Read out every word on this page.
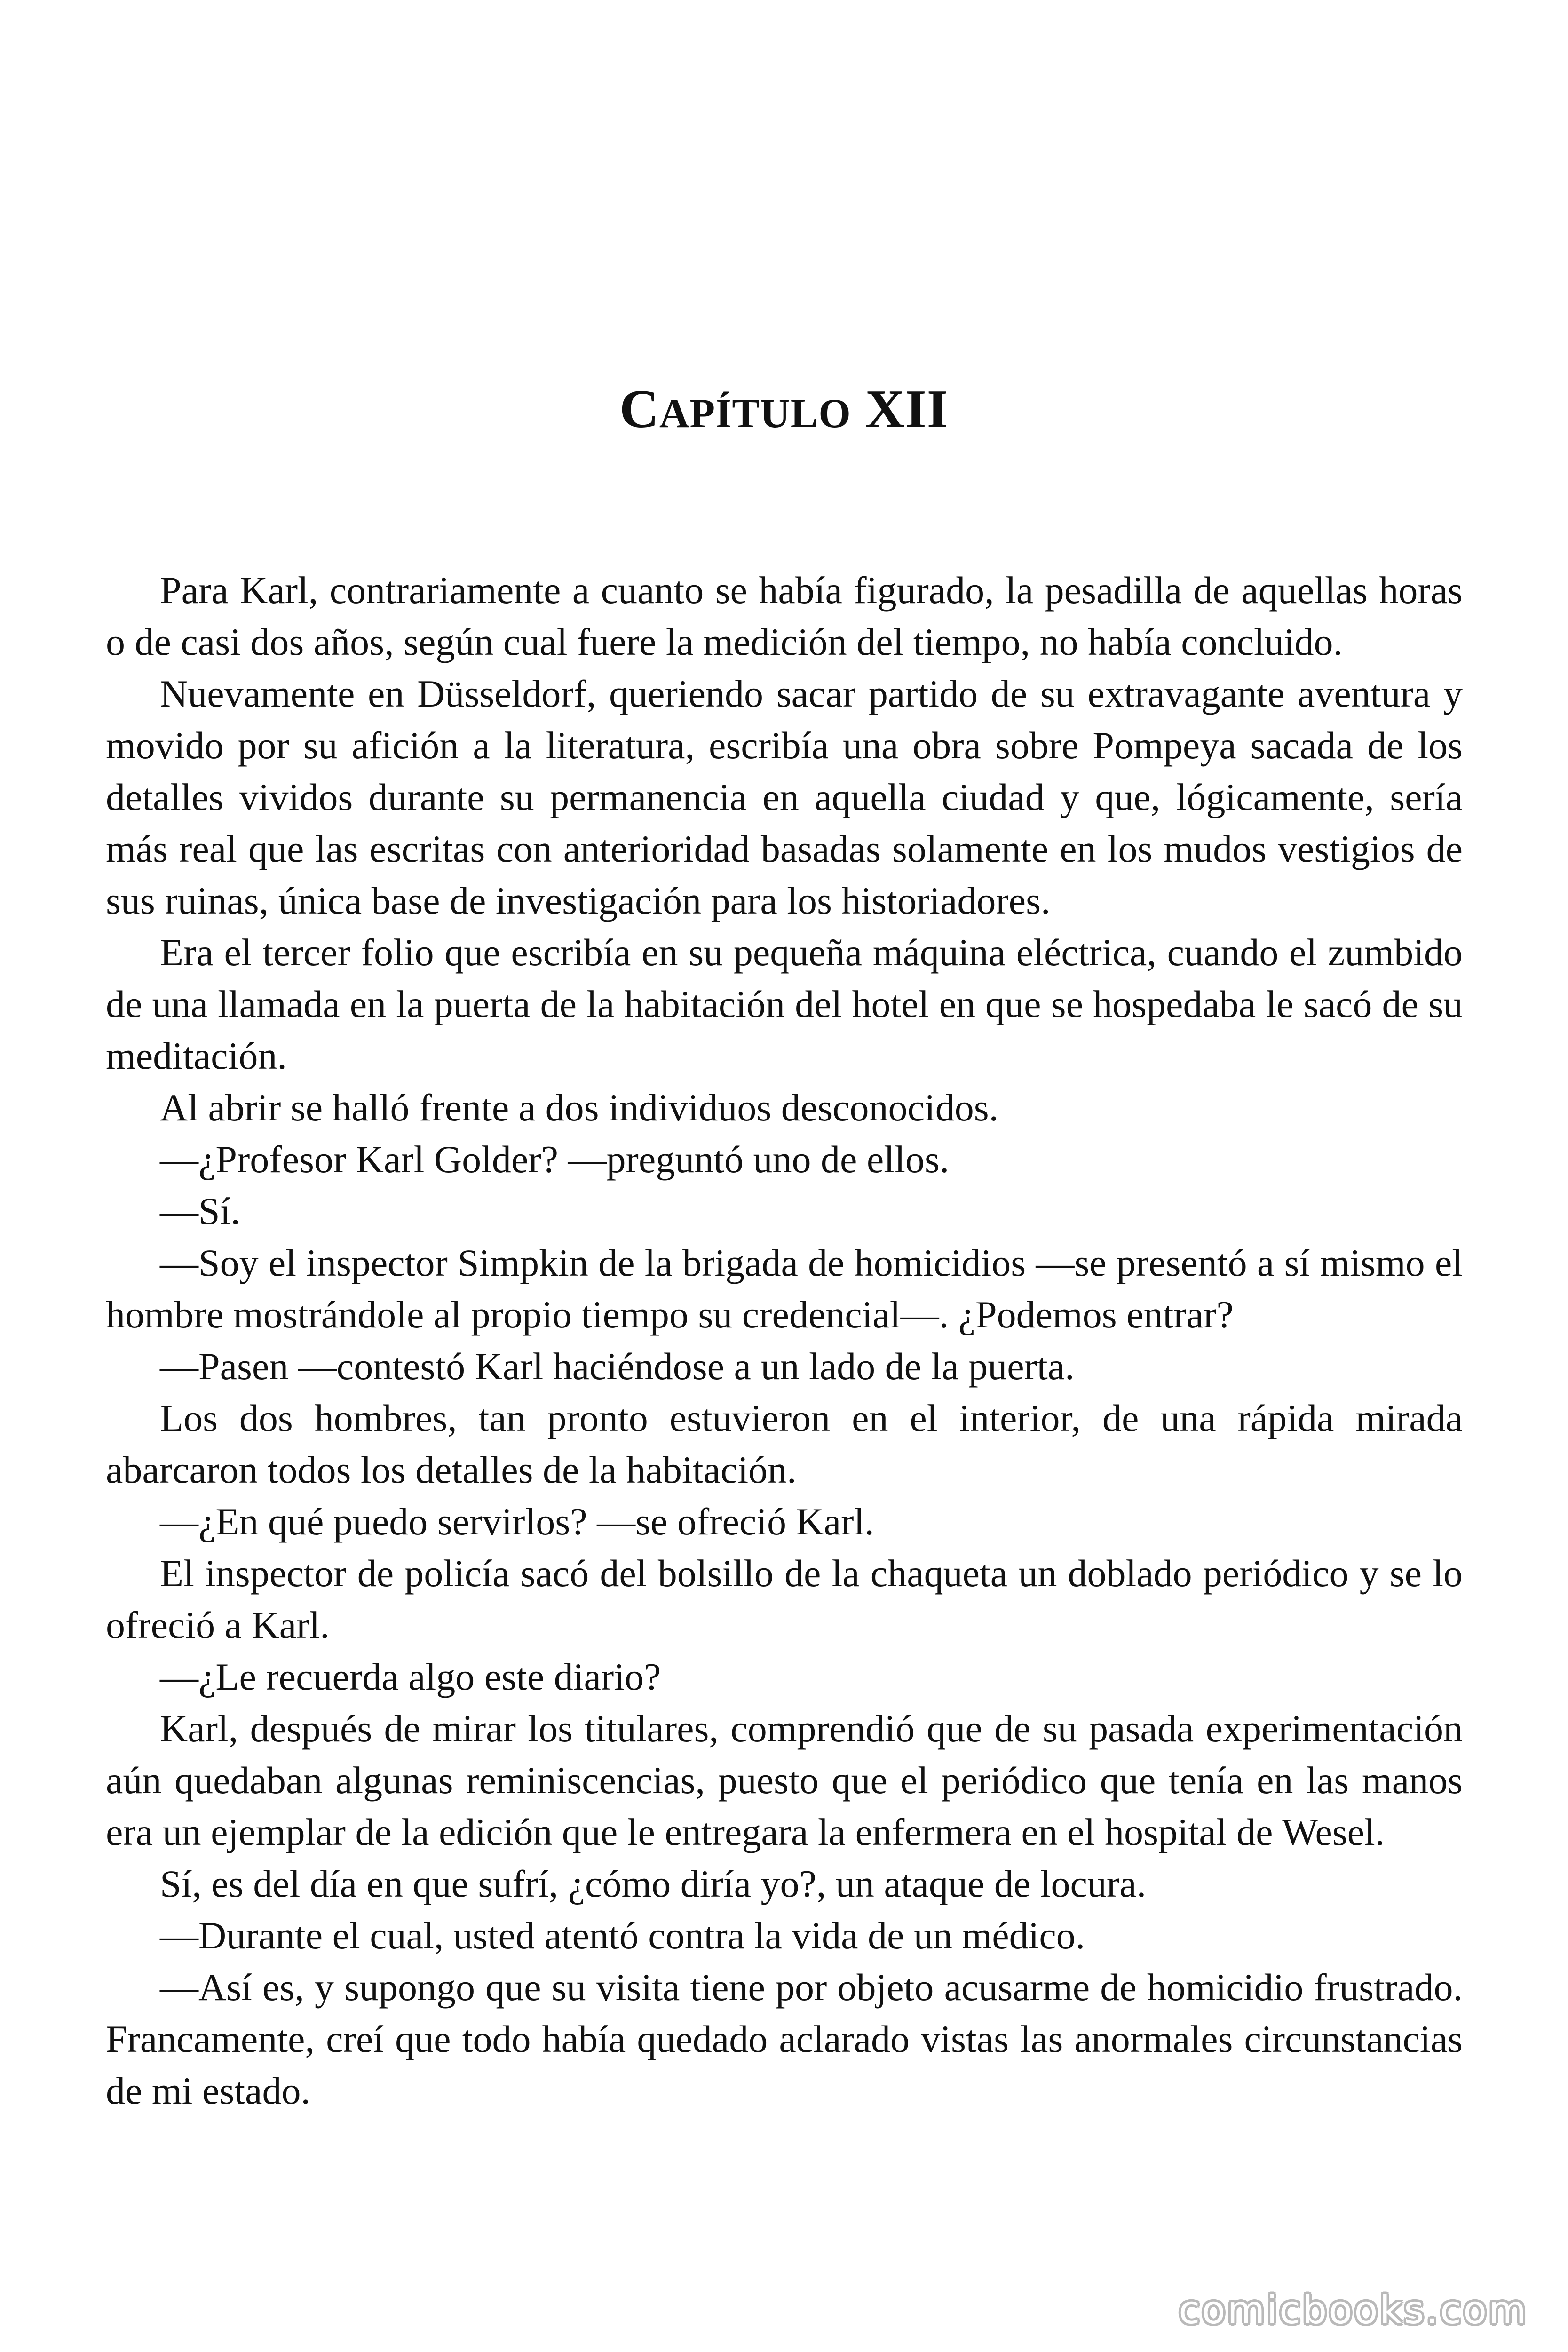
CAPÍTULO XII

Para Karl, contrariamente a cuanto se había figurado, la pesadilla de aquellas horas o de casi dos años, según cual fuere la medición del tiempo, no había concluido.

Nuevamente en Düsseldorf, queriendo sacar partido de su extravagante aventura y movido por su afición a la literatura, escribía una obra sobre Pompeya sacada de los detalles vividos durante su permanencia en aquella ciudad y que, lógicamente, sería más real que las escritas con anterioridad basadas solamente en los mudos vestigios de sus ruinas, única base de investigación para los historiadores.

Era el tercer folio que escribía en su pequeña máquina eléctrica, cuando el zumbido de una llamada en la puerta de la habitación del hotel en que se hospedaba le sacó de su meditación.

Al abrir se halló frente a dos individuos desconocidos.

—¿Profesor Karl Golder? —preguntó uno de ellos.

—Sí.

—Soy el inspector Simpkin de la brigada de homicidios —se presentó a sí mismo el hombre mostrándole al propio tiempo su credencial—. ¿Podemos entrar?

—Pasen —contestó Karl haciéndose a un lado de la puerta.

Los dos hombres, tan pronto estuvieron en el interior, de una rápida mirada abarcaron todos los detalles de la habitación.

—¿En qué puedo servirlos? —se ofreció Karl.

El inspector de policía sacó del bolsillo de la chaqueta un doblado periódico y se lo ofreció a Karl.

—¿Le recuerda algo este diario?

Karl, después de mirar los titulares, comprendió que de su pasada experimentación aún quedaban algunas reminiscencias, puesto que el periódico que tenía en las manos era un ejemplar de la edición que le entregara la enfermera en el hospital de Wesel.

Sí, es del día en que sufrí, ¿cómo diría yo?, un ataque de locura.

—Durante el cual, usted atentó contra la vida de un médico.

—Así es, y supongo que su visita tiene por objeto acusarme de homicidio frustrado. Francamente, creí que todo había quedado aclarado vistas las anormales circunstancias de mi estado.

comicbooks.com
